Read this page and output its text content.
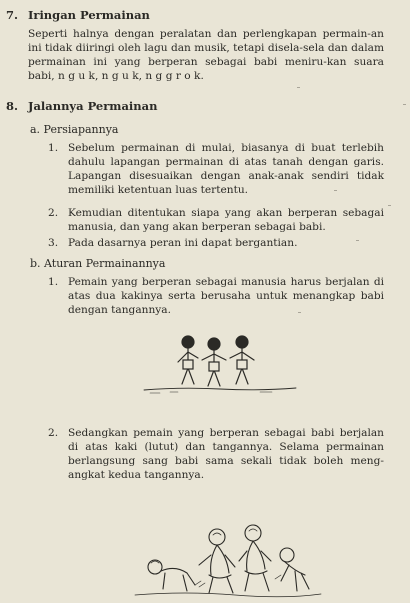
7. Iringan Permainan
Seperti halnya dengan peralatan dan perlengkapan permain-an ini tidak diiringi oleh lagu dan musik, tetapi disela-sela dan dalam permainan ini yang berperan sebagai babi meniru-kan suara babi, n g u k, n g u k, n g g r o k.
8. Jalannya Permainan
a. Persiapannya
1. Sebelum permainan di mulai, biasanya di buat terlebih dahulu lapangan permainan di atas tanah dengan garis. Lapangan disesuaikan dengan anak-anak sendiri tidak memiliki ketentuan luas tertentu.
2. Kemudian ditentukan siapa yang akan berperan sebagai manusia, dan yang akan berperan sebagai babi.
3. Pada dasarnya peran ini dapat bergantian.
b. Aturan Permainannya
1. Pemain yang berperan sebagai manusia harus berjalan di atas dua kakinya serta berusaha untuk menangkap babi dengan tangannya.
2. Sedangkan pemain yang berperan sebagai babi berjalan di atas kaki (lutut) dan tangannya. Selama permainan berlangsung sang babi sama sekali tidak boleh meng-angkat kedua tangannya.
